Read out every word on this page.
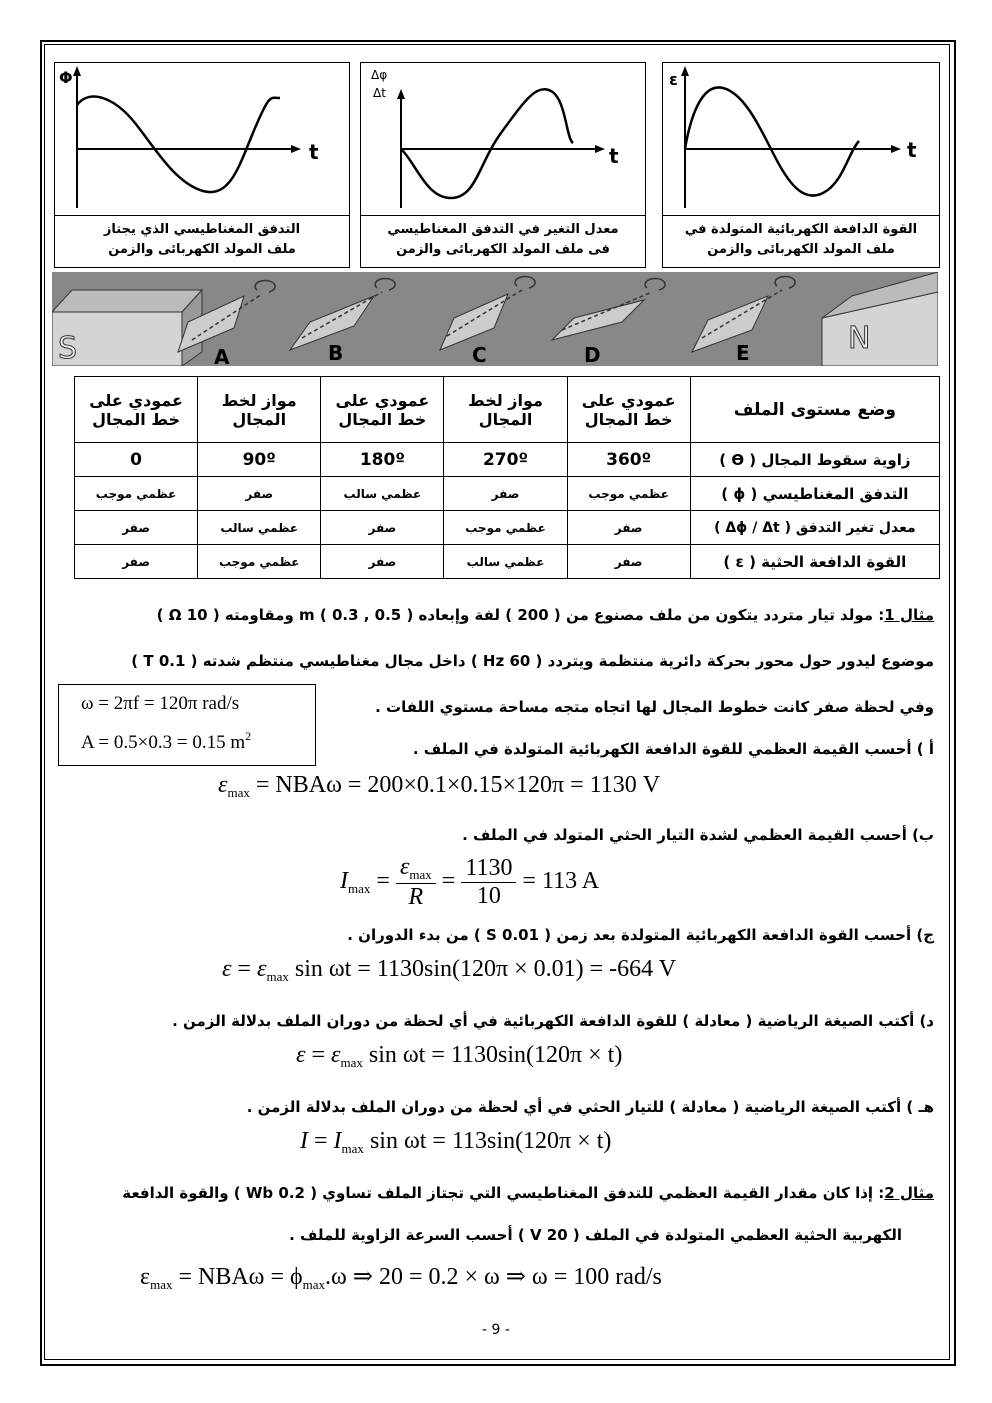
Φ
t
التدفق المغناطيسي الذي يجتاز
ملف المولد الكهربائى والزمن
Δφ
Δt
t
معدل التغير في التدفق المغناطيسي
فى ملف المولد الكهربائى والزمن
ε
t
القوة الدافعة الكهربائية المتولدة في
ملف المولد الكهربائى والزمن
S	N
A	B	C	D	E
وضع مستوى الملف	عمودي على خط المجال	مواز لخط المجال	عمودي على خط المجال	مواز لخط المجال	عمودي على خط المجال
زاوية سقوط المجال ( ϴ )	360º	270º	180º	90º	0
التدفق المغناطيسي ( ϕ )	عظمي موجب	صفر	عظمي سالب	صفر	عظمي موجب
معدل تغير التدفق ( Δϕ / Δt )	صفر	عظمي موجب	صفر	عظمي سالب	صفر
القوة الدافعة الحثية ( ε )	صفر	عظمي سالب	صفر	عظمي موجب	صفر
مثال 1: مولد تيار متردد يتكون من ملف مصنوع من ( 200 ) لفة وإبعاده m ( 0.3 , 0.5 ) ومقاومته ( 10 Ω )
موضوع ليدور حول محور بحركة دائرية منتظمة ويتردد ( 60 Hz ) داخل مجال مغناطيسي منتظم شدته ( 0.1 T )
وفي لحظة صفر كانت خطوط المجال لها اتجاه متجه مساحة مستوي اللفات .
ω = 2πf = 120π rad/s
A = 0.5×0.3 = 0.15 $m^2$
أ ) أحسب القيمة العظمي للقوة الدافعة الكهربائية المتولدة في الملف .
$\varepsilon_{max} = NBA\omega = 200\times 0.1\times 0.15\times 120\pi = 1130$ V
ب) أحسب القيمة العظمي لشدة التيار الحثي المتولد في الملف .
$I_{max} = \frac{\varepsilon_{max}}{R} = \frac{1130}{10} = 113$ A
ج) أحسب القوة الدافعة الكهربائية المتولدة بعد زمن ( 0.01 S ) من بدء الدوران .
$\varepsilon = \varepsilon_{max}$ sin ωt = 1130sin(120π × 0.01) = -664 V
د) أكتب الصيغة الرياضية ( معادلة ) للقوة الدافعة الكهربائية في أي لحظة من دوران الملف بدلالة الزمن .
$\varepsilon = \varepsilon_{max}$ sin ωt = 1130sin(120π × t)
هـ ) أكتب الصيغة الرياضية ( معادلة ) للتيار الحثي في أي لحظة من دوران الملف بدلالة الزمن .
$I = I_{max}$ sin ωt = 113sin(120π × t)
مثال 2: إذا كان مقدار القيمة العظمي للتدفق المغناطيسي التي تجتاز الملف تساوي ( 0.2 Wb ) والقوة الدافعة
الكهربية الحثية العظمي المتولدة في الملف ( 20 V ) أحسب السرعة الزاوية للملف .
$\varepsilon_{max} = NBA\omega = \phi_{max}.\omega$ ⇒ 20 = 0.2 × ω ⇒ ω = 100 rad/s
- 9 -
